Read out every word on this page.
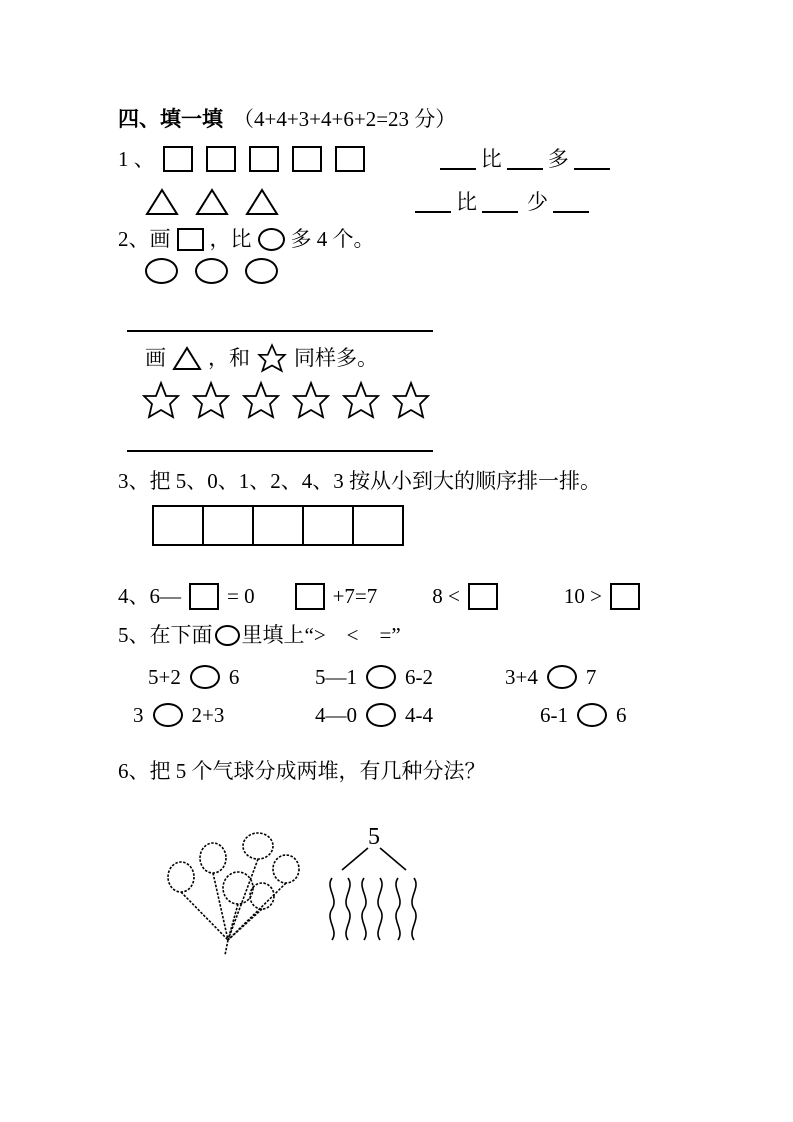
四、填一填 （4+4+3+4+6+2=23 分）
1 、	比 多
比 少
2、 画 ，比 多 4 个。
画 ，和 同样多。
3、 把 5、0、1、2、4、3 按从小到大的顺序排一排。
4、 6— = 0	+7=7	8 <	10 >
5、 在下面 里填上“>　<　=”
5+2 6	5—1 6-2	3+4 7
3 2+3	4—0 4-4	6-1 6
6、 把 5 个气球分成两堆，有几种分法？
5
